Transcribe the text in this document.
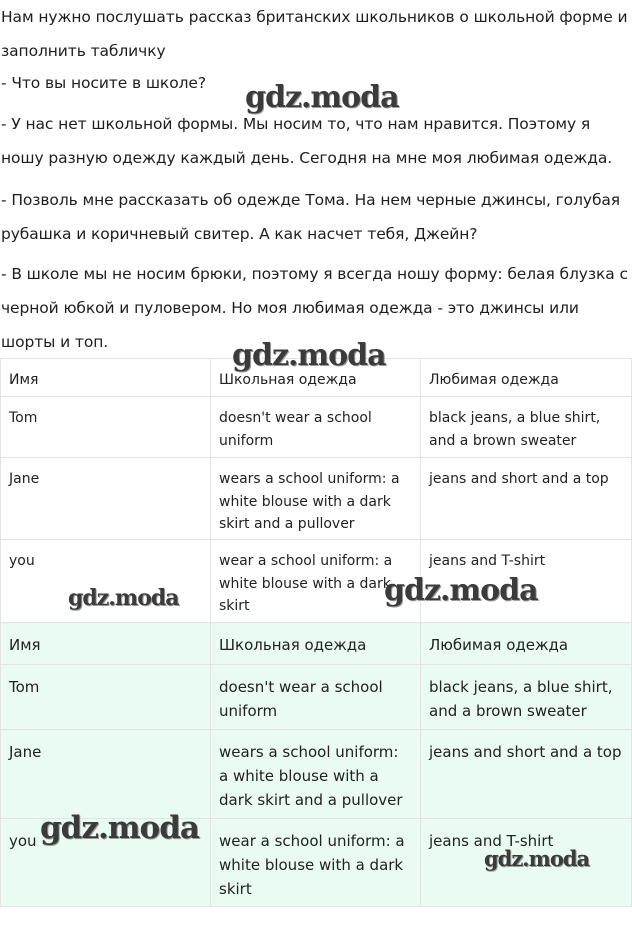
Нам нужно послушать рассказ британских школьников о школьной форме и заполнить табличку

- Что вы носите в школе?

- У нас нет школьной формы. Мы носим то, что нам нравится. Поэтому я ношу разную одежду каждый день. Сегодня на мне моя любимая одежда.

- Позволь мне рассказать об одежде Тома. На нем черные джинсы, голубая рубашка и коричневый свитер. А как насчет тебя, Джейн?

- В школе мы не носим брюки, поэтому я всегда ношу форму: белая блузка с черной юбкой и пуловером. Но моя любимая одежда - это джинсы или шорты и топ.

Имя	Школьная одежда	Любимая одежда
Tom	doesn't wear a school uniform	black jeans, a blue shirt, and a brown sweater
Jane	wears a school uniform: a white blouse with a dark skirt and a pullover	jeans and short and a top
you	wear a school uniform: a white blouse with a dark skirt	jeans and T-shirt
Имя	Школьная одежда	Любимая одежда
Tom	doesn't wear a school uniform	black jeans, a blue shirt, and a brown sweater
Jane	wears a school uniform: a white blouse with a dark skirt and a pullover	jeans and short and a top
you	wear a school uniform: a white blouse with a dark skirt	jeans and T-shirt
gdz.moda
gdz.moda
gdz.moda	gdz.moda
gdz.moda
gdz.moda
